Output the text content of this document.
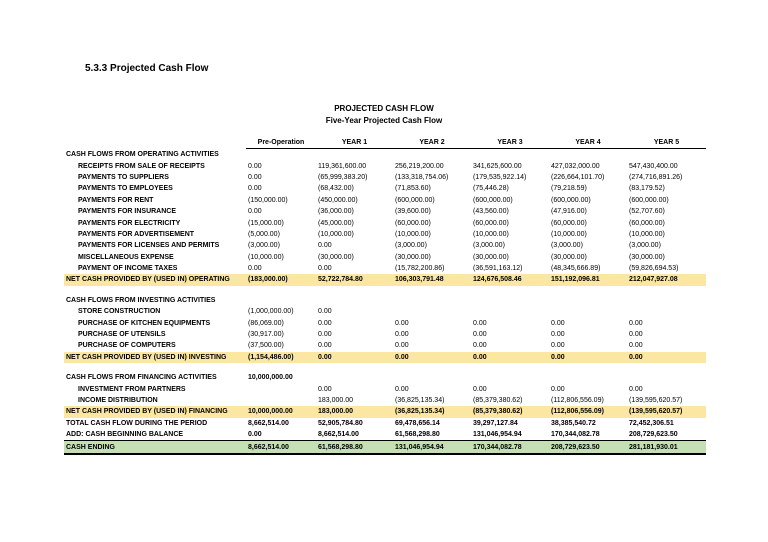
5.3.3 Projected Cash Flow
PROJECTED CASH FLOW
Five-Year Projected Cash Flow
	Pre-Operation	YEAR 1	YEAR 2	YEAR 3	YEAR 4	YEAR 5
CASH FLOWS FROM OPERATING ACTIVITIES						
RECEIPTS FROM SALE OF RECEIPTS	0.00	119,361,600.00	256,219,200.00	341,625,600.00	427,032,000.00	547,430,400.00
PAYMENTS TO SUPPLIERS	0.00	(65,999,383.20)	(133,318,754.06)	(179,535,922.14)	(226,664,101.70)	(274,716,891.26)
PAYMENTS TO EMPLOYEES	0.00	(68,432.00)	(71,853.60)	(75,446.28)	(79,218.59)	(83,179.52)
PAYMENTS FOR RENT	(150,000.00)	(450,000.00)	(600,000.00)	(600,000.00)	(600,000.00)	(600,000.00)
PAYMENTS FOR INSURANCE	0.00	(36,000.00)	(39,600.00)	(43,560.00)	(47,916.00)	(52,707.60)
PAYMENTS FOR ELECTRICITY	(15,000.00)	(45,000.00)	(60,000.00)	(60,000.00)	(60,000.00)	(60,000.00)
PAYMENTS FOR ADVERTISEMENT	(5,000.00)	(10,000.00)	(10,000.00)	(10,000.00)	(10,000.00)	(10,000.00)
PAYMENTS FOR LICENSES AND PERMITS	(3,000.00)	0.00	(3,000.00)	(3,000.00)	(3,000.00)	(3,000.00)
MISCELLANEOUS EXPENSE	(10,000.00)	(30,000.00)	(30,000.00)	(30,000.00)	(30,000.00)	(30,000.00)
PAYMENT OF INCOME TAXES	0.00	0.00	(15,782,200.86)	(36,591,163.12)	(48,345,666.89)	(59,826,694.53)
NET CASH PROVIDED BY (USED IN) OPERATING	(183,000.00)	52,722,784.80	106,303,791.48	124,676,508.46	151,192,096.81	212,047,927.08

CASH FLOWS FROM INVESTING ACTIVITIES						
STORE CONSTRUCTION	(1,000,000.00)	0.00				
PURCHASE OF KITCHEN EQUIPMENTS	(86,069.00)	0.00	0.00	0.00	0.00	0.00
PURCHASE OF UTENSILS	(30,917.00)	0.00	0.00	0.00	0.00	0.00
PURCHASE OF COMPUTERS	(37,500.00)	0.00	0.00	0.00	0.00	0.00
NET CASH PROVIDED BY (USED IN) INVESTING	(1,154,486.00)	0.00	0.00	0.00	0.00	0.00

CASH FLOWS FROM FINANCING ACTIVITIES	10,000,000.00					
INVESTMENT FROM PARTNERS		0.00	0.00	0.00	0.00	0.00
INCOME DISTRIBUTION		183,000.00	(36,825,135.34)	(85,379,380.62)	(112,806,556.09)	(139,595,620.57)
NET CASH PROVIDED BY (USED IN) FINANCING	10,000,000.00	183,000.00	(36,825,135.34)	(85,379,380.62)	(112,806,556.09)	(139,595,620.57)
TOTAL CASH FLOW DURING THE PERIOD	8,662,514.00	52,905,784.80	69,478,656.14	39,297,127.84	38,385,540.72	72,452,306.51
ADD: CASH BEGINNING BALANCE	0.00	8,662,514.00	61,568,298.80	131,046,954.94	170,344,082.78	208,729,623.50
CASH ENDING	8,662,514.00	61,568,298.80	131,046,954.94	170,344,082.78	208,729,623.50	281,181,930.01
